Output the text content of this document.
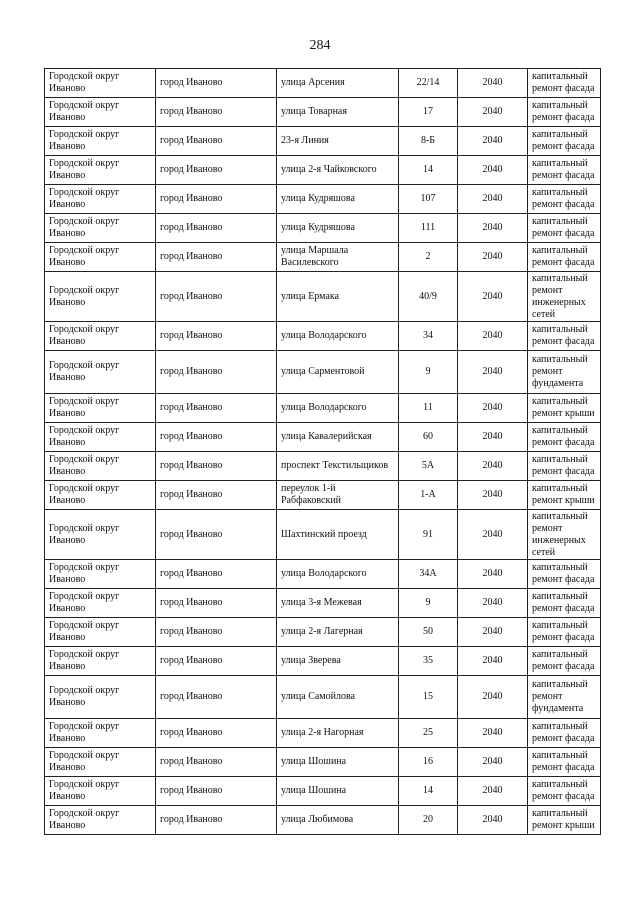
284
Городской округ Иваново	город Иваново	улица Арсения	22/14	2040	капитальный ремонт фасада
Городской округ Иваново	город Иваново	улица Товарная	17	2040	капитальный ремонт фасада
Городской округ Иваново	город Иваново	23-я Линия	8-Б	2040	капитальный ремонт фасада
Городской округ Иваново	город Иваново	улица 2-я Чайковского	14	2040	капитальный ремонт фасада
Городской округ Иваново	город Иваново	улица Кудряшова	107	2040	капитальный ремонт фасада
Городской округ Иваново	город Иваново	улица Кудряшова	111	2040	капитальный ремонт фасада
Городской округ Иваново	город Иваново	улица Маршала Василевского	2	2040	капитальный ремонт фасада
Городской округ Иваново	город Иваново	улица Ермака	40/9	2040	капитальный ремонт инженерных сетей
Городской округ Иваново	город Иваново	улица Володарского	34	2040	капитальный ремонт фасада
Городской округ Иваново	город Иваново	улица Сарментовой	9	2040	капитальный ремонт фундамента
Городской округ Иваново	город Иваново	улица Володарского	11	2040	капитальный ремонт крыши
Городской округ Иваново	город Иваново	улица Кавалерийская	60	2040	капитальный ремонт фасада
Городской округ Иваново	город Иваново	проспект Текстильщиков	5А	2040	капитальный ремонт фасада
Городской округ Иваново	город Иваново	переулок 1-й Рабфаковский	1-А	2040	капитальный ремонт крыши
Городской округ Иваново	город Иваново	Шахтинский проезд	91	2040	капитальный ремонт инженерных сетей
Городской округ Иваново	город Иваново	улица Володарского	34А	2040	капитальный ремонт фасада
Городской округ Иваново	город Иваново	улица 3-я Межевая	9	2040	капитальный ремонт фасада
Городской округ Иваново	город Иваново	улица 2-я Лагерная	50	2040	капитальный ремонт фасада
Городской округ Иваново	город Иваново	улица Зверева	35	2040	капитальный ремонт фасада
Городской округ Иваново	город Иваново	улица Самойлова	15	2040	капитальный ремонт фундамента
Городской округ Иваново	город Иваново	улица 2-я Нагорная	25	2040	капитальный ремонт фасада
Городской округ Иваново	город Иваново	улица Шошина	16	2040	капитальный ремонт фасада
Городской округ Иваново	город Иваново	улица Шошина	14	2040	капитальный ремонт фасада
Городской округ Иваново	город Иваново	улица Любимова	20	2040	капитальный ремонт крыши
